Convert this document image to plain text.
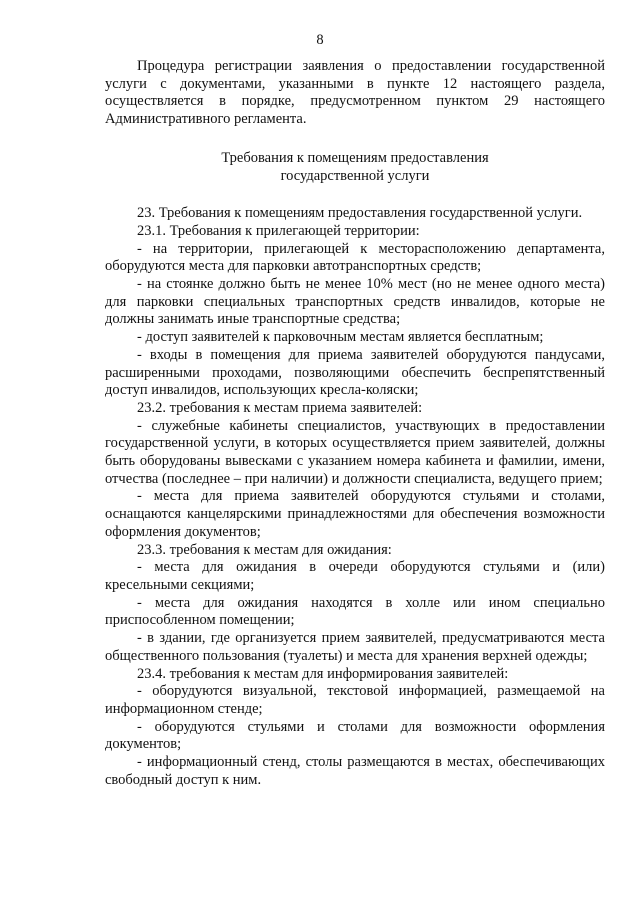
8

Процедура регистрации заявления о предоставлении государственной услуги с документами, указанными в пункте 12 настоящего раздела, осуществляется в порядке, предусмотренном пунктом 29 настоящего Административного регламента.

Требования к помещениям предоставления
государственной услуги

23. Требования к помещениям предоставления государственной услуги.

23.1. Требования к прилегающей территории:

- на территории, прилегающей к месторасположению департамента, оборудуются места для парковки автотранспортных средств;

- на стоянке должно быть не менее 10% мест (но не менее одного места) для парковки специальных транспортных средств инвалидов, которые не должны занимать иные транспортные средства;

- доступ заявителей к парковочным местам является бесплатным;

- входы в помещения для приема заявителей оборудуются пандусами, расширенными проходами, позволяющими обеспечить беспрепятственный доступ инвалидов, использующих кресла-коляски;

23.2. требования к местам приема заявителей:

- служебные кабинеты специалистов, участвующих в предоставлении государственной услуги, в которых осуществляется прием заявителей, должны быть оборудованы вывесками с указанием номера кабинета и фамилии, имени, отчества (последнее – при наличии) и должности специалиста, ведущего прием;

- места для приема заявителей оборудуются стульями и столами, оснащаются канцелярскими принадлежностями для обеспечения возможности оформления документов;

23.3. требования к местам для ожидания:

- места для ожидания в очереди оборудуются стульями и (или) кресельными секциями;

- места для ожидания находятся в холле или ином специально приспособленном помещении;

- в здании, где организуется прием заявителей, предусматриваются места общественного пользования (туалеты) и места для хранения верхней одежды;

23.4. требования к местам для информирования заявителей:

- оборудуются визуальной, текстовой информацией, размещаемой на информационном стенде;

- оборудуются стульями и столами для возможности оформления документов;

- информационный стенд, столы размещаются в местах, обеспечивающих свободный доступ к ним.
